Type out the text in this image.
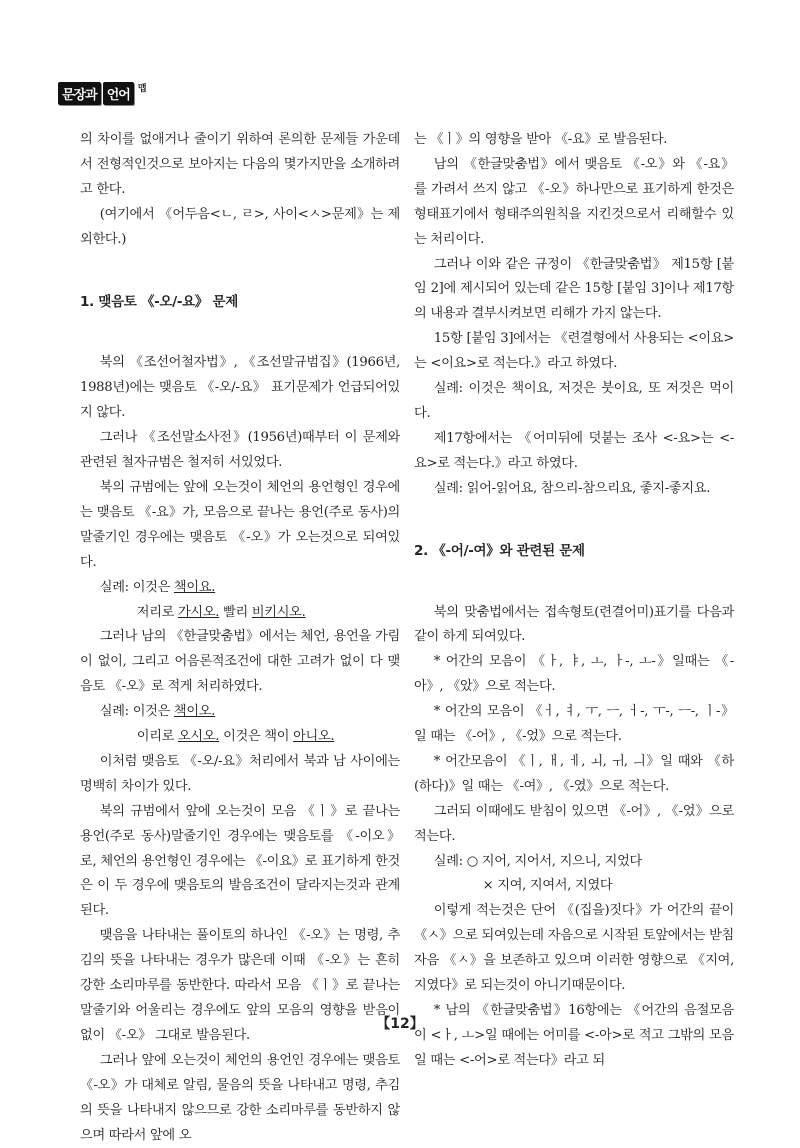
문장과 언어 맵

의 차이를 없애거나 줄이기 위하여 론의한 문제들 가운데서 전형적인것으로 보아지는 다음의 몇가지만을 소개하려고 한다.

(여기에서 《어두음<ㄴ, ㄹ>, 사이<ㅅ>문제》는 제외한다.)

1. 맺음토 《-오/-요》 문제

북의 《조선어철자법》, 《조선말규범집》(1966년, 1988년)에는 맺음토 《-오/-요》 표기문제가 언급되어있지 않다.

그러나 《조선말소사전》(1956년)때부터 이 문제와 관련된 철자규범은 철저히 서있었다.

북의 규범에는 앞에 오는것이 체언의 용언형인 경우에는 맺음토 《-요》가, 모음으로 끝나는 용언(주로 동사)의 말줄기인 경우에는 맺음토 《-오》가 오는것으로 되여있다.

실례: 이것은 책이요.

저리로 가시오. 빨리 비키시오.

그러나 남의 《한글맞춤법》에서는 체언, 용언을 가림이 없이, 그리고 어음론적조건에 대한 고려가 없이 다 맺음토 《-오》로 적게 처리하였다.

실례: 이것은 책이오.

이리로 오시오. 이것은 책이 아니오.

이처럼 맺음토 《-오/-요》처리에서 북과 남 사이에는 명백히 차이가 있다.

북의 규범에서 앞에 오는것이 모음 《ㅣ》로 끝나는 용언(주로 동사)말줄기인 경우에는 맺음토를 《-이오》로, 체언의 용언형인 경우에는 《-이요》로 표기하게 한것은 이 두 경우에 맺음토의 발음조건이 달라지는것과 관계된다.

맺음을 나타내는 풀이토의 하나인 《-오》는 명령, 추김의 뜻을 나타내는 경우가 많은데 이때 《-오》는 흔히 강한 소리마루를 동반한다. 따라서 모음 《ㅣ》로 끝나는 말줄기와 어울리는 경우에도 앞의 모음의 영향을 받음이 없이 《-오》 그대로 발음된다.

그러나 앞에 오는것이 체언의 용언인 경우에는 맺음토 《-오》가 대체로 알림, 물음의 뜻을 나타내고 명령, 추김의 뜻을 나타내지 않으므로 강한 소리마루를 동반하지 않으며 따라서 앞에 오

는 《ㅣ》의 영향을 받아 《-요》로 발음된다.

남의 《한글맞춤법》에서 맺음토 《-오》와 《-요》를 가려서 쓰지 않고 《-오》하나만으로 표기하게 한것은 형태표기에서 형태주의원칙을 지킨것으로서 리해할수 있는 처리이다.

그러나 이와 같은 규정이 《한글맞춤법》 제15항 [붙임 2]에 제시되어 있는데 같은 15항 [붙임 3]이나 제17항의 내용과 결부시켜보면 리해가 가지 않는다.

15항 [붙임 3]에서는 《련결형에서 사용되는 <이요>는 <이요>로 적는다.》라고 하였다.

실례: 이것은 책이요, 저것은 붓이요, 또 저것은 먹이다.

제17항에서는 《어미뒤에 덧붙는 조사 <-요>는 <-요>로 적는다.》라고 하였다.

실례: 읽어-읽어요, 참으리-참으리요, 좋지-좋지요.

2. 《-어/-여》와 관련된 문제

북의 맞춤법에서는 접속형토(련결어미)표기를 다음과 같이 하게 되여있다.

* 어간의 모음이 《ㅏ, ㅑ, ㅗ, ㅏ-, ㅗ-》일때는 《-아》, 《았》으로 적는다.

* 어간의 모음이 《ㅓ, ㅕ, ㅜ, ㅡ, ㅓ-, ㅜ-, ㅡ-, ㅣ-》일 때는 《-어》, 《-었》으로 적는다.

* 어간모음이 《ㅣ, ㅐ, ㅔ, ㅚ, ㅟ, ㅢ》일 때와 《하(하다)》일 때는 《-여》, 《-였》으로 적는다.

그러되 이때에도 받침이 있으면 《-어》, 《-었》으로 적는다.

실례: ○ 지어, 지어서, 지으니, 지었다

× 지여, 지여서, 지였다

이렇게 적는것은 단어 《(집을)짓다》가 어간의 끝이 《ㅅ》으로 되여있는데 자음으로 시작된 토앞에서는 받침자음 《ㅅ》을 보존하고 있으며 이러한 영향으로 《지여, 지였다》로 되는것이 아니기때문이다.

* 남의 《한글맞춤법》16항에는 《어간의 음절모음이 <ㅏ, ㅗ>일 때에는 어미를 <-아>로 적고 그밖의 모음일 때는 <-어>로 적는다》라고 되

【12】
